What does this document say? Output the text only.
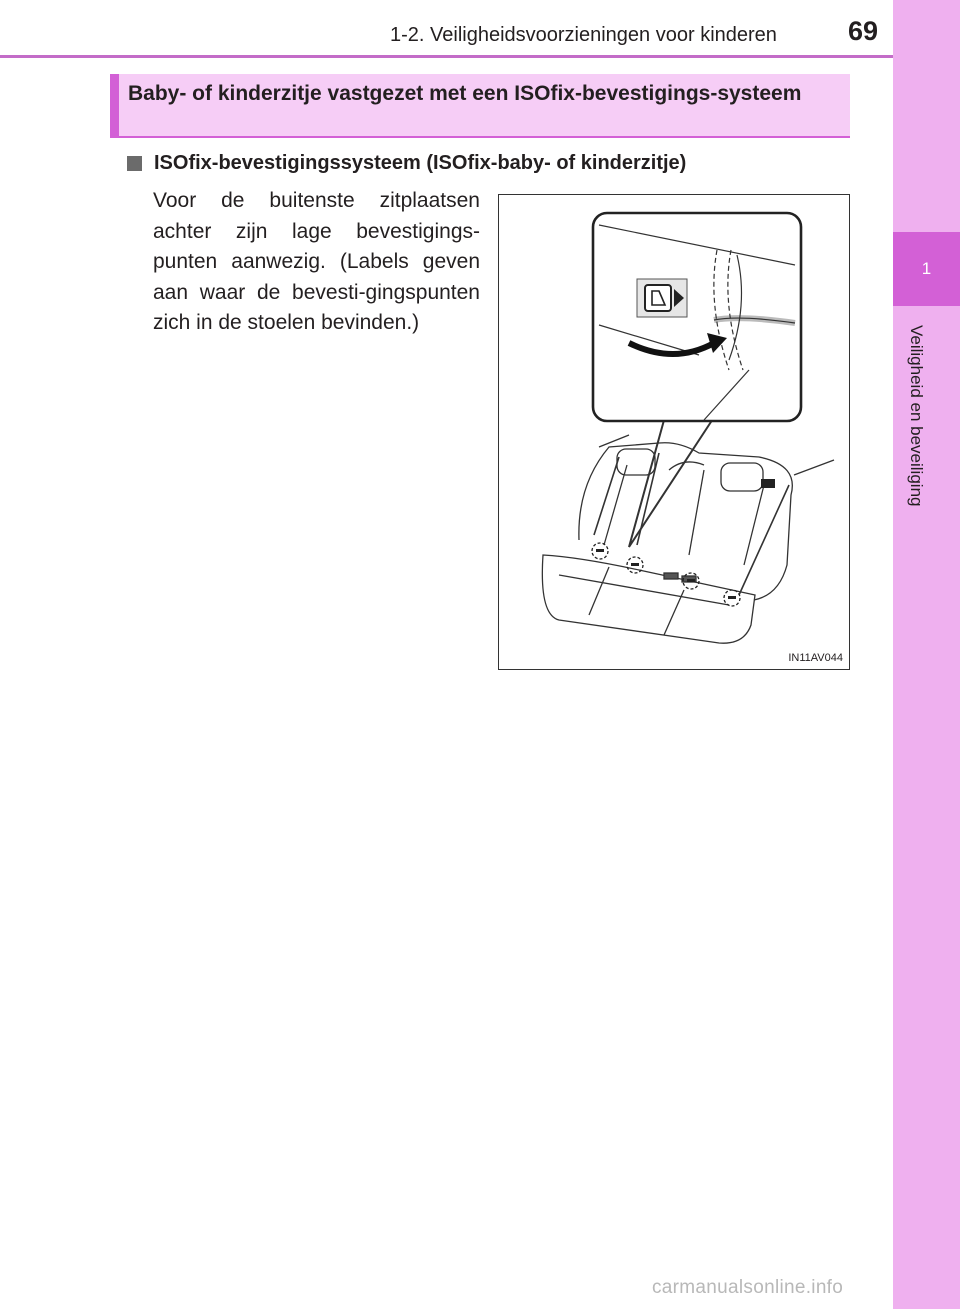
1-2. Veiligheidsvoorzieningen voor kinderen	69
1
Veiligheid en beveiliging
Baby- of kinderzitje vastgezet met een ISOfix-bevestigings-systeem
ISOfix-bevestigingssysteem (ISOfix-baby- of kinderzitje)
Voor de buitenste zitplaatsen achter zijn lage bevestigings-punten aanwezig. (Labels geven aan waar de bevesti-gingspunten zich in de stoelen bevinden.)
IN11AV044
carmanualsonline.info
